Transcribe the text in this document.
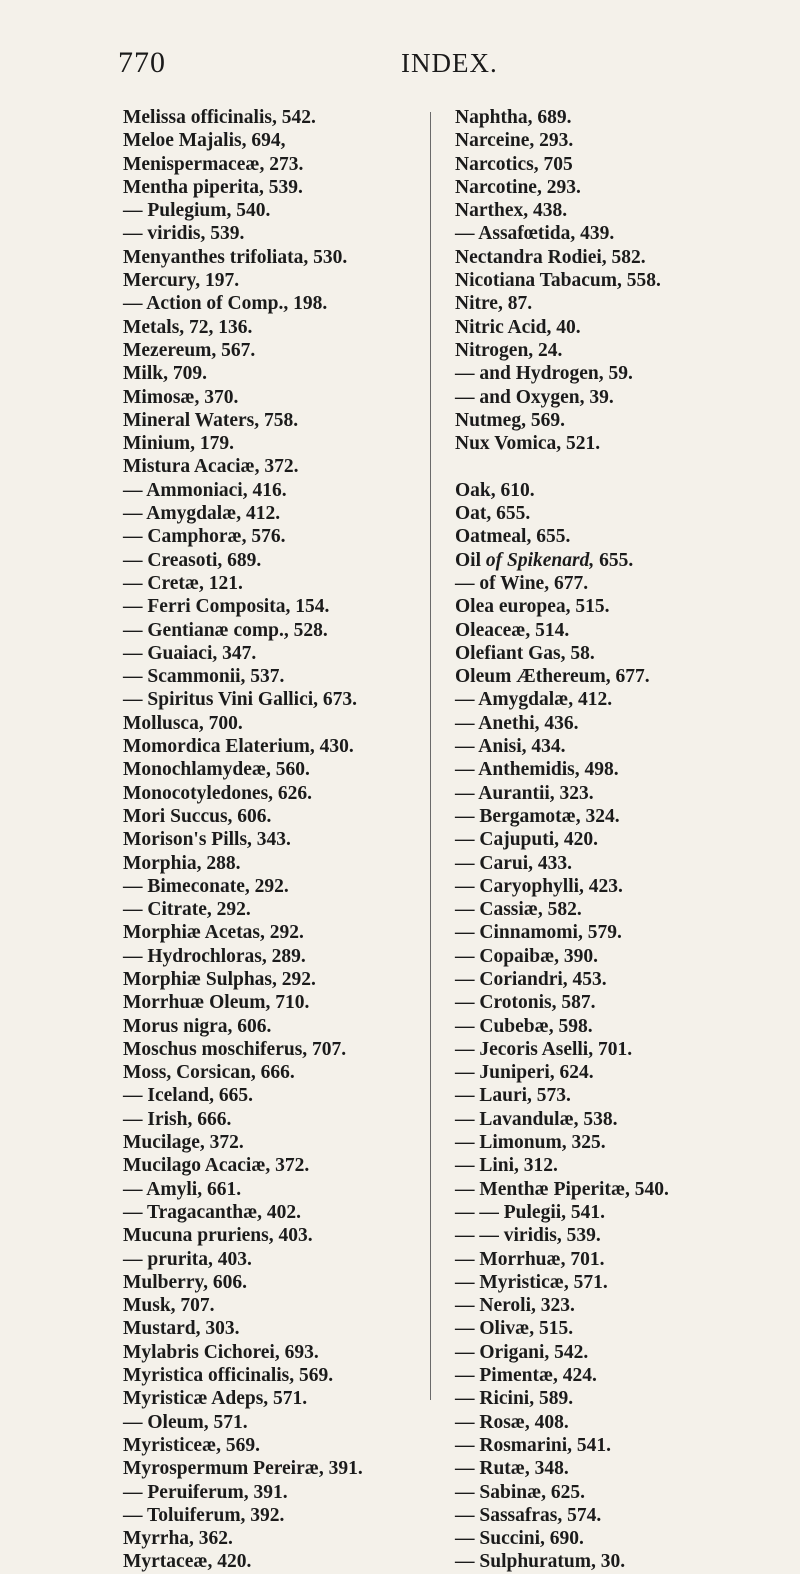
770	INDEX.
Melissa officinalis, 542.
Meloe Majalis, 694,
Menispermaceæ, 273.
Mentha piperita, 539.
— Pulegium, 540.
— viridis, 539.
Menyanthes trifoliata, 530.
Mercury, 197.
— Action of Comp., 198.
Metals, 72, 136.
Mezereum, 567.
Milk, 709.
Mimosæ, 370.
Mineral Waters, 758.
Minium, 179.
Mistura Acaciæ, 372.
— Ammoniaci, 416.
— Amygdalæ, 412.
— Camphoræ, 576.
— Creasoti, 689.
— Cretæ, 121.
— Ferri Composita, 154.
— Gentianæ comp., 528.
— Guaiaci, 347.
— Scammonii, 537.
— Spiritus Vini Gallici, 673.
Mollusca, 700.
Momordica Elaterium, 430.
Monochlamydeæ, 560.
Monocotyledones, 626.
Mori Succus, 606.
Morison's Pills, 343.
Morphia, 288.
— Bimeconate, 292.
— Citrate, 292.
Morphiæ Acetas, 292.
— Hydrochloras, 289.
Morphiæ Sulphas, 292.
Morrhuæ Oleum, 710.
Morus nigra, 606.
Moschus moschiferus, 707.
Moss, Corsican, 666.
— Iceland, 665.
— Irish, 666.
Mucilage, 372.
Mucilago Acaciæ, 372.
— Amyli, 661.
— Tragacanthæ, 402.
Mucuna pruriens, 403.
— prurita, 403.
Mulberry, 606.
Musk, 707.
Mustard, 303.
Mylabris Cichorei, 693.
Myristica officinalis, 569.
Myristicæ Adeps, 571.
— Oleum, 571.
Myristiceæ, 569.
Myrospermum Pereiræ, 391.
— Peruiferum, 391.
— Toluiferum, 392.
Myrrha, 362.
Myrtaceæ, 420.
Naphtha, 689.
Narceine, 293.
Narcotics, 705
Narcotine, 293.
Narthex, 438.
— Assafœtida, 439.
Nectandra Rodiei, 582.
Nicotiana Tabacum, 558.
Nitre, 87.
Nitric Acid, 40.
Nitrogen, 24.
— and Hydrogen, 59.
— and Oxygen, 39.
Nutmeg, 569.
Nux Vomica, 521.
Oak, 610.
Oat, 655.
Oatmeal, 655.
Oil of Spikenard, 655.
— of Wine, 677.
Olea europea, 515.
Oleaceæ, 514.
Olefiant Gas, 58.
Oleum Æthereum, 677.
— Amygdalæ, 412.
— Anethi, 436.
— Anisi, 434.
— Anthemidis, 498.
— Aurantii, 323.
— Bergamotæ, 324.
— Cajuputi, 420.
— Carui, 433.
— Caryophylli, 423.
— Cassiæ, 582.
— Cinnamomi, 579.
— Copaibæ, 390.
— Coriandri, 453.
— Crotonis, 587.
— Cubebæ, 598.
— Jecoris Aselli, 701.
— Juniperi, 624.
— Lauri, 573.
— Lavandulæ, 538.
— Limonum, 325.
— Lini, 312.
— Menthæ Piperitæ, 540.
— — Pulegii, 541.
— — viridis, 539.
— Morrhuæ, 701.
— Myristicæ, 571.
— Neroli, 323.
— Olivæ, 515.
— Origani, 542.
— Pimentæ, 424.
— Ricini, 589.
— Rosæ, 408.
— Rosmarini, 541.
— Rutæ, 348.
— Sabinæ, 625.
— Sassafras, 574.
— Succini, 690.
— Sulphuratum, 30.
